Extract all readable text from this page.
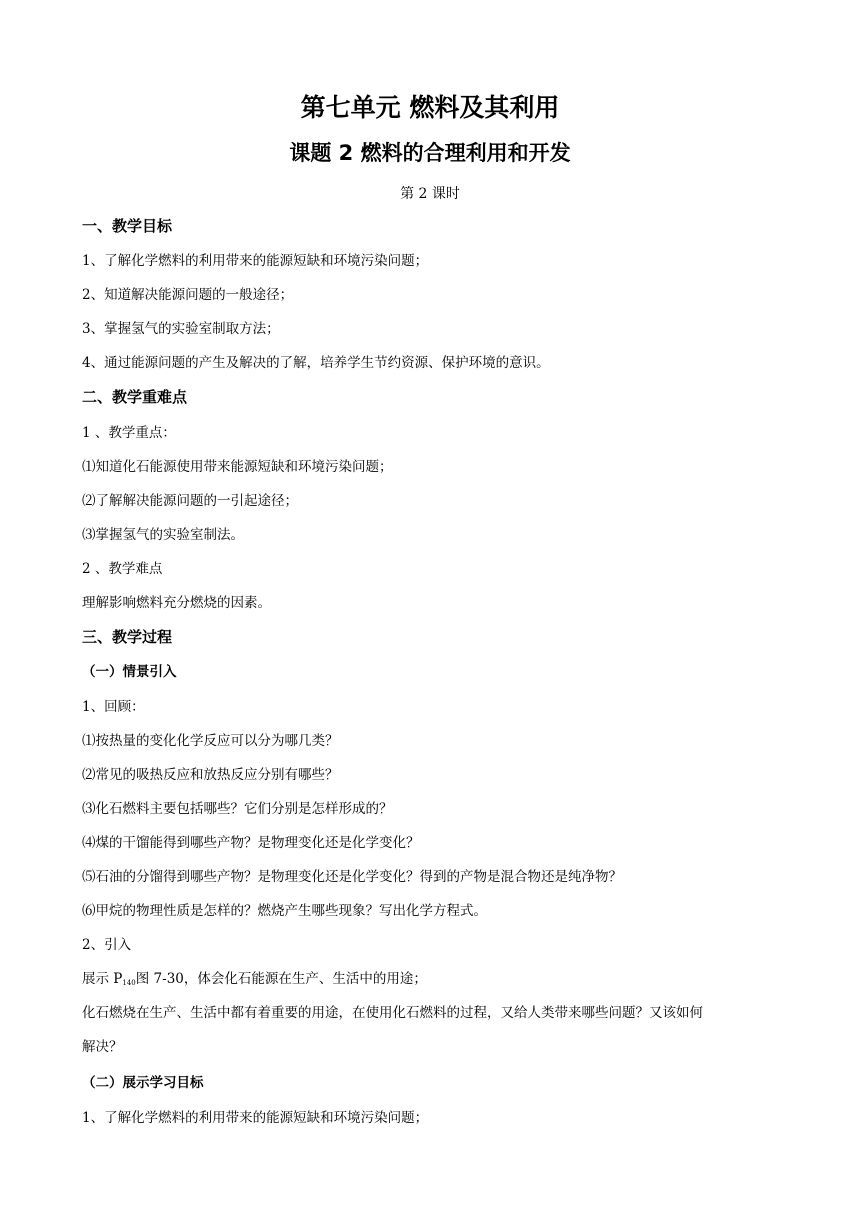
第七单元 燃料及其利用
课题 2 燃料的合理利用和开发
第 2 课时
一、教学目标
1、了解化学燃料的利用带来的能源短缺和环境污染问题；
2、知道解决能源问题的一般途径；
3、掌握氢气的实验室制取方法；
4、通过能源问题的产生及解决的了解，培养学生节约资源、保护环境的意识。
二、教学重难点
1 、教学重点：
⑴知道化石能源使用带来能源短缺和环境污染问题；
⑵了解解决能源问题的一引起途径；
⑶掌握氢气的实验室制法。
2 、教学难点
理解影响燃料充分燃烧的因素。
三、教学过程
（一）情景引入
1、回顾：
⑴按热量的变化化学反应可以分为哪几类？
⑵常见的吸热反应和放热反应分别有哪些？
⑶化石燃料主要包括哪些？它们分别是怎样形成的？
⑷煤的干馏能得到哪些产物？是物理变化还是化学变化？
⑸石油的分馏得到哪些产物？是物理变化还是化学变化？得到的产物是混合物还是纯净物？
⑹甲烷的物理性质是怎样的？燃烧产生哪些现象？写出化学方程式。
2、引入
展示 $P_{140}$图 7-30，体会化石能源在生产、生活中的用途；
化石燃烧在生产、生活中都有着重要的用途，在使用化石燃料的过程，又给人类带来哪些问题？又该如何
解决？
（二）展示学习目标
1、了解化学燃料的利用带来的能源短缺和环境污染问题；
